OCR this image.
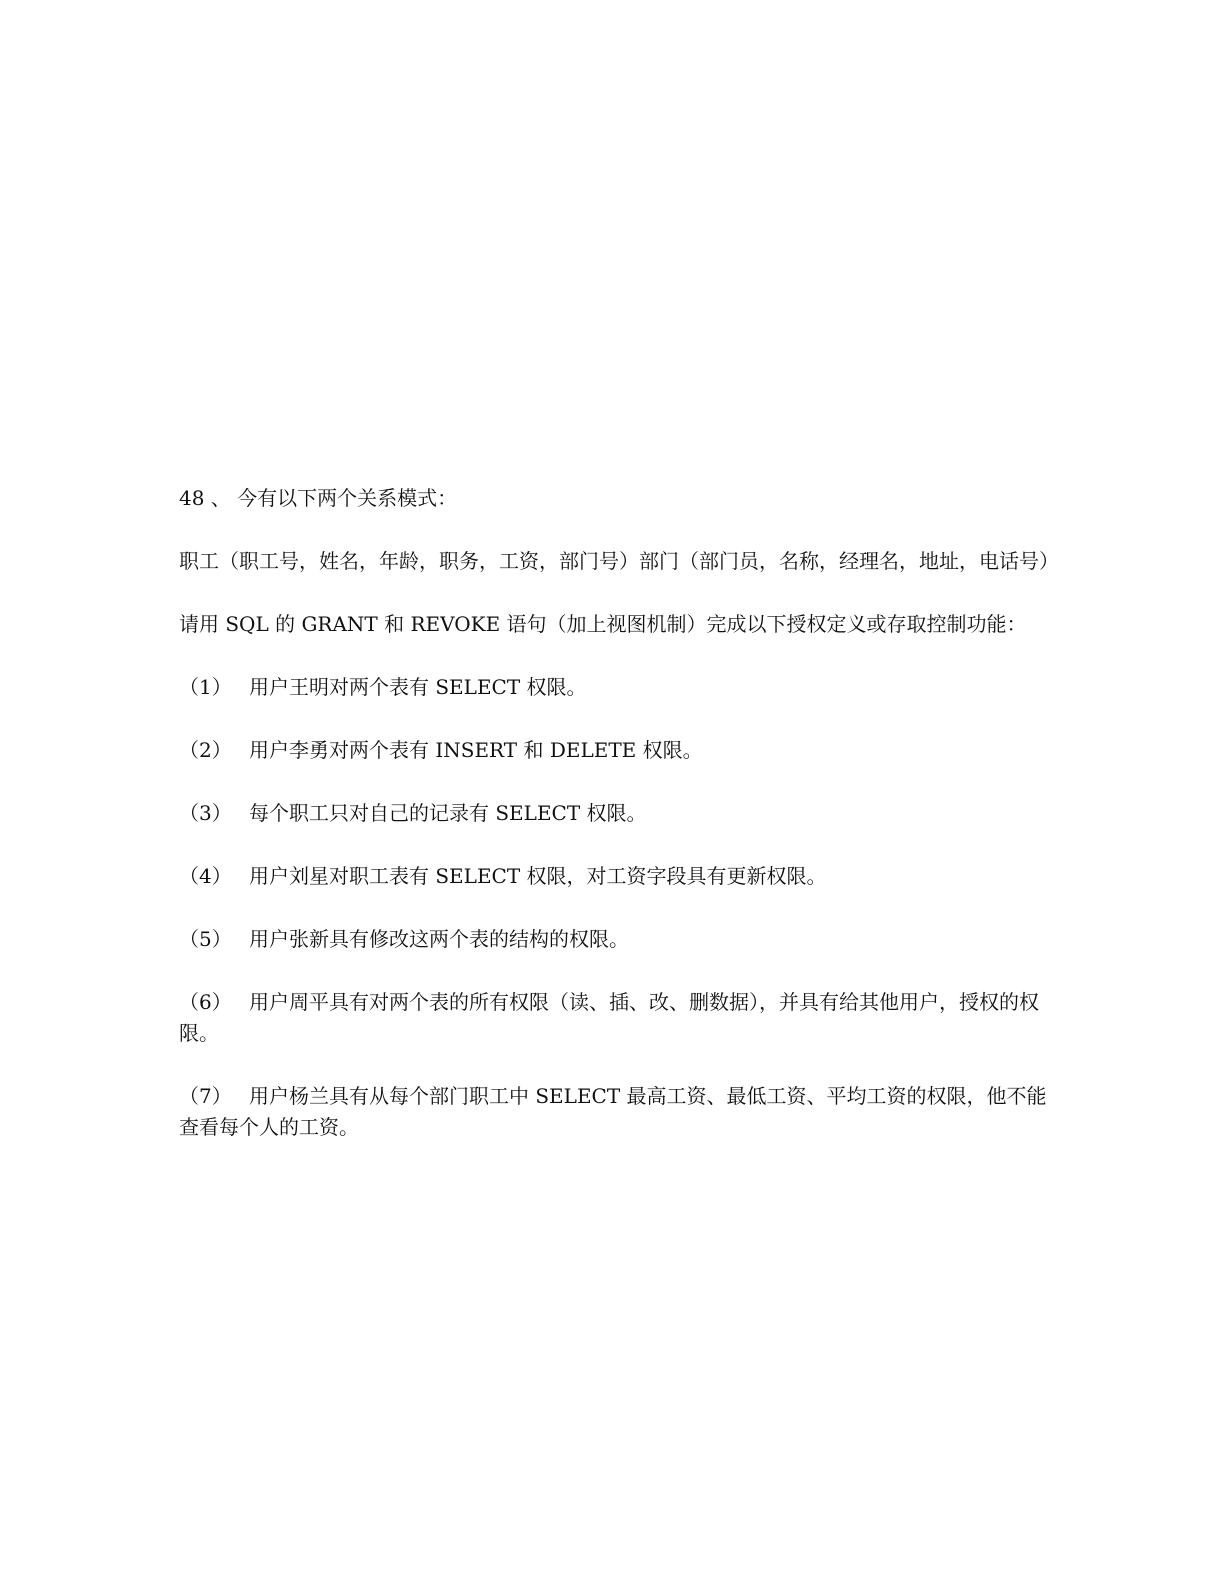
48 、 今有以下两个关系模式：

职工（职工号，姓名，年龄，职务，工资，部门号）部门（部门员，名称，经理名，地址，电话号）

请用 SQL 的 GRANT 和 REVOKE 语句（加上视图机制）完成以下授权定义或存取控制功能：

（1） 用户王明对两个表有 SELECT 权限。

（2） 用户李勇对两个表有 INSERT 和 DELETE 权限。

（3） 每个职工只对自己的记录有 SELECT 权限。

（4） 用户刘星对职工表有 SELECT 权限，对工资字段具有更新权限。

（5） 用户张新具有修改这两个表的结构的权限。

（6） 用户周平具有对两个表的所有权限（读、插、改、删数据），并具有给其他用户，授权的权限。

（7） 用户杨兰具有从每个部门职工中 SELECT 最高工资、最低工资、平均工资的权限，他不能查看每个人的工资。
